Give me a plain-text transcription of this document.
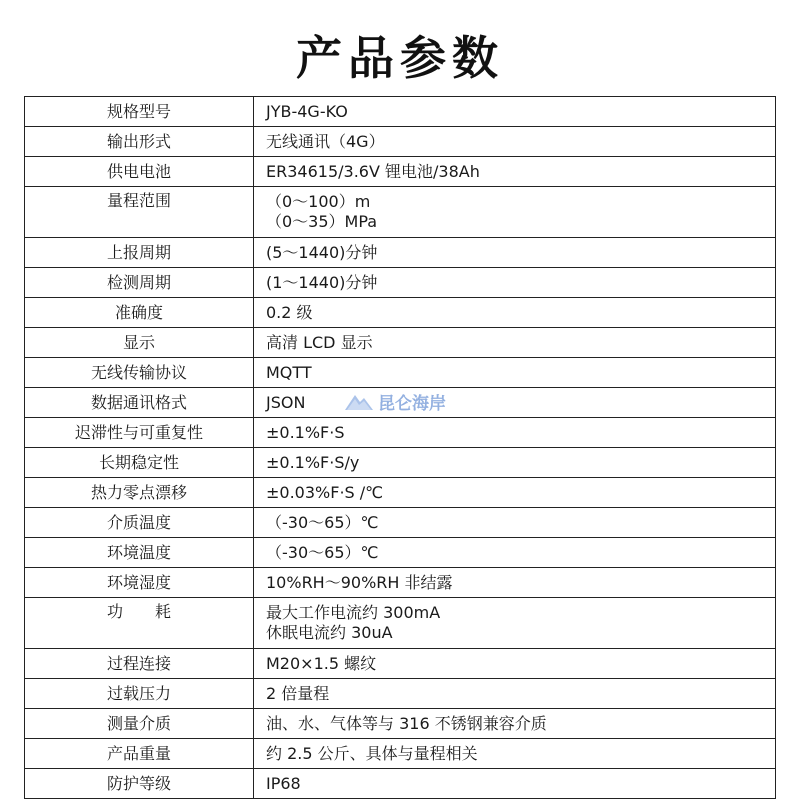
产品参数
规格型号	JYB-4G-KO
输出形式	无线通讯（4G）
供电电池	ER34615/3.6V 锂电池/38Ah
量程范围	（0～100）m
（0～35）MPa
上报周期	(5～1440)分钟
检测周期	(1～1440)分钟
准确度	0.2 级
显示	高清 LCD 显示
无线传输协议	MQTT
数据通讯格式	JSON
迟滞性与可重复性	±0.1%F·S
长期稳定性	±0.1%F·S/y
热力零点漂移	±0.03%F·S /℃
介质温度	（-30～65）℃
环境温度	（-30～65）℃
环境湿度	10%RH～90%RH 非结露
功　　耗	最大工作电流约 300mA
休眠电流约 30uA
过程连接	M20×1.5 螺纹
过载压力	2 倍量程
测量介质	油、水、气体等与 316 不锈钢兼容介质
产品重量	约 2.5 公斤、具体与量程相关
防护等级	IP68
昆仑海岸
